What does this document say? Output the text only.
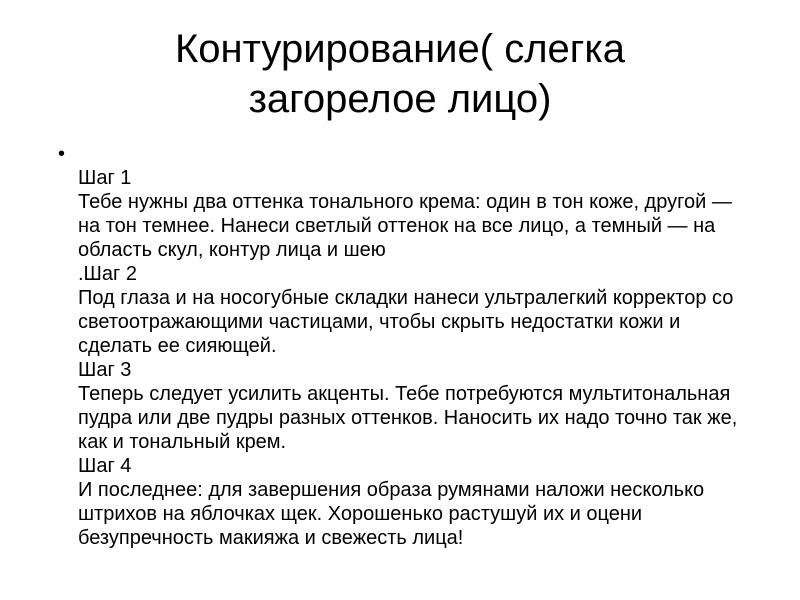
Контурирование( слегка загорелое лицо)
•
Шаг 1
Тебе нужны два оттенка тонального крема: один в тон коже, другой — на тон темнее. Нанеси светлый оттенок на все лицо, а темный — на область скул, контур лица и шею
.Шаг 2
Под глаза и на носогубные складки нанеси ультралегкий корректор со светоотражающими частицами, чтобы скрыть недостатки кожи и сделать ее сияющей.
Шаг 3
Теперь следует усилить акценты. Тебе потребуются мультитональная пудра или две пудры разных оттенков. Наносить их надо точно так же, как и тональный крем.
Шаг 4
И последнее: для завершения образа румянами наложи несколько штрихов на яблочках щек. Хорошенько растушуй их и оцени безупречность макияжа и свежесть лица!
